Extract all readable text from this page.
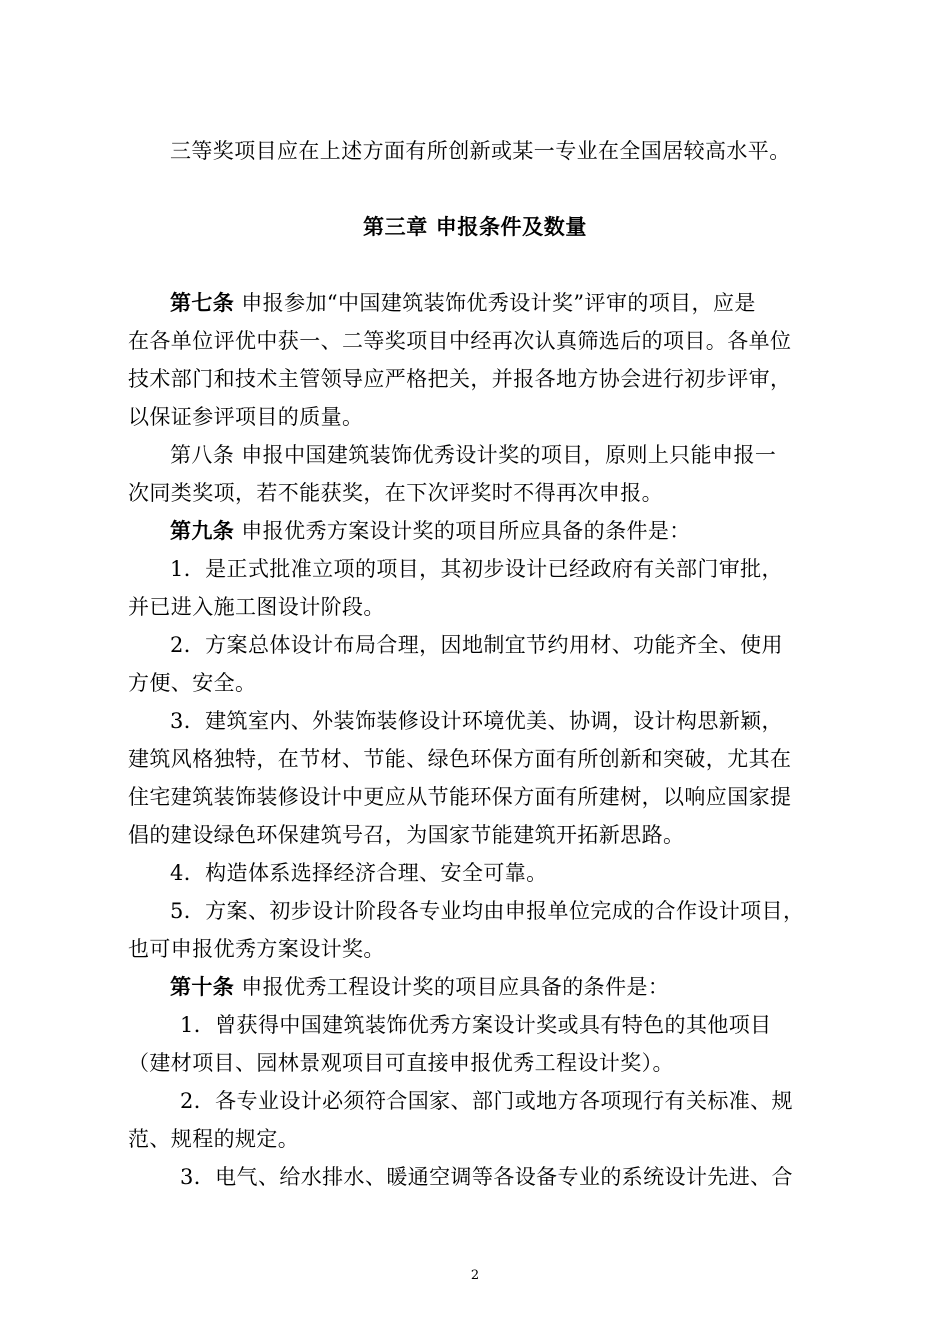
三等奖项目应在上述方面有所创新或某一专业在全国居较高水平。
第三章 申报条件及数量
第七条 申报参加“中国建筑装饰优秀设计奖”评审的项目，应是
在各单位评优中获一、二等奖项目中经再次认真筛选后的项目。各单位
技术部门和技术主管领导应严格把关，并报各地方协会进行初步评审，
以保证参评项目的质量。
第八条 申报中国建筑装饰优秀设计奖的项目，原则上只能申报一
次同类奖项，若不能获奖，在下次评奖时不得再次申报。
第九条 申报优秀方案设计奖的项目所应具备的条件是：
1．是正式批准立项的项目，其初步设计已经政府有关部门审批，
并已进入施工图设计阶段。
2．方案总体设计布局合理，因地制宜节约用材、功能齐全、使用
方便、安全。
3．建筑室内、外装饰装修设计环境优美、协调，设计构思新颖，
建筑风格独特，在节材、节能、绿色环保方面有所创新和突破，尤其在
住宅建筑装饰装修设计中更应从节能环保方面有所建树，以响应国家提
倡的建设绿色环保建筑号召，为国家节能建筑开拓新思路。
4．构造体系选择经济合理、安全可靠。
5．方案、初步设计阶段各专业均由申报单位完成的合作设计项目，
也可申报优秀方案设计奖。
第十条 申报优秀工程设计奖的项目应具备的条件是：
1．曾获得中国建筑装饰优秀方案设计奖或具有特色的其他项目
（建材项目、园林景观项目可直接申报优秀工程设计奖）。
2．各专业设计必须符合国家、部门或地方各项现行有关标准、规
范、规程的规定。
3．电气、给水排水、暖通空调等各设备专业的系统设计先进、合
2
